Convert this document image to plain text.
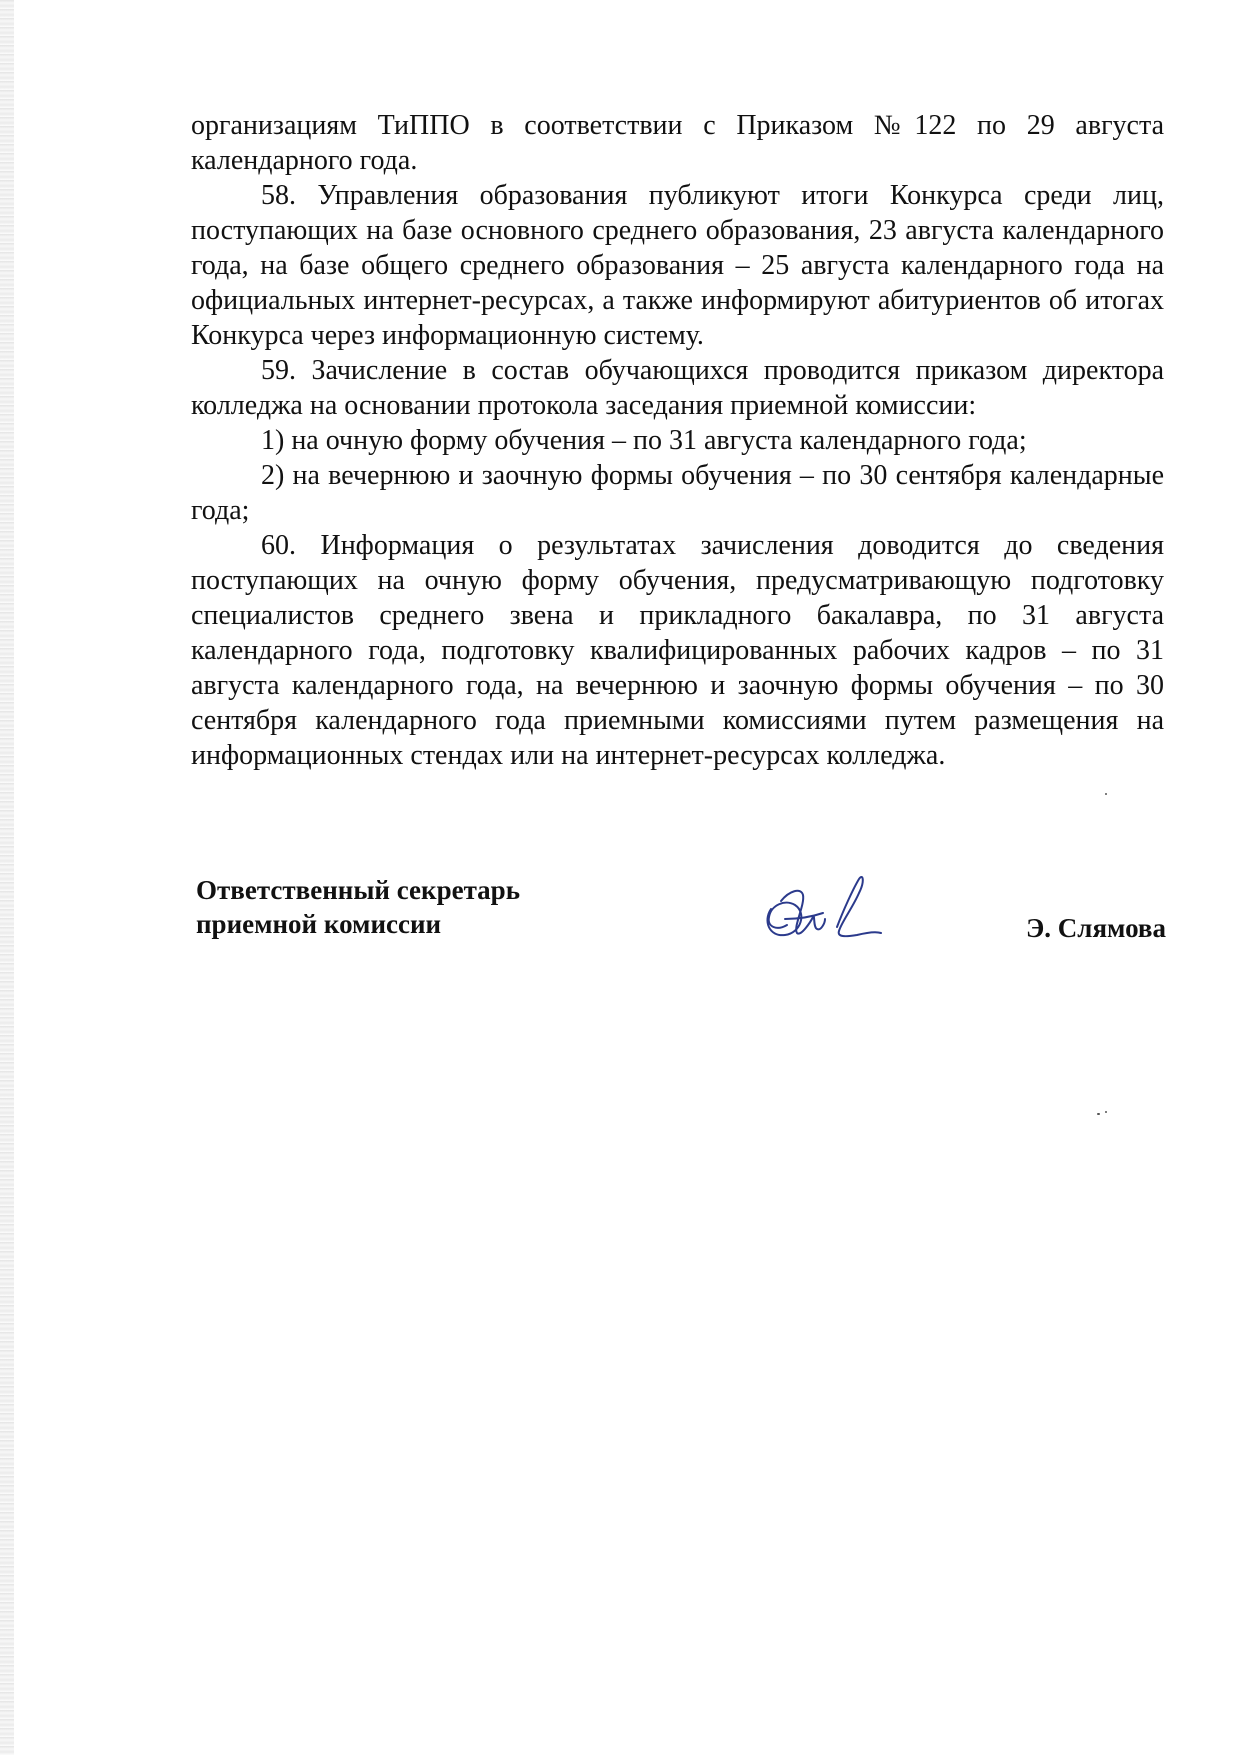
организациям ТиППО в соответствии с Приказом №122 по 29 августа календарного года.

58. Управления образования публикуют итоги Конкурса среди лиц, поступающих на базе основного среднего образования, 23 августа календарного года, на базе общего среднего образования – 25 августа календарного года на официальных интернет-ресурсах, а также информируют абитуриентов об итогах Конкурса через информационную систему.

59. Зачисление в состав обучающихся проводится приказом директора колледжа на основании протокола заседания приемной комиссии:

1) на очную форму обучения – по 31 августа календарного года;

2) на вечернюю и заочную формы обучения – по 30 сентября календарные года;

60. Информация о результатах зачисления доводится до сведения поступающих на очную форму обучения, предусматривающую подготовку специалистов среднего звена и прикладного бакалавра, по 31 августа календарного года, подготовку квалифицированных рабочих кадров – по 31 августа календарного года, на вечернюю и заочную формы обучения – по 30 сентября календарного года приемными комиссиями путем размещения на информационных стендах или на интернет-ресурсах колледжа.

Ответственный секретарь
приемной комиссии	Э. Слямова
